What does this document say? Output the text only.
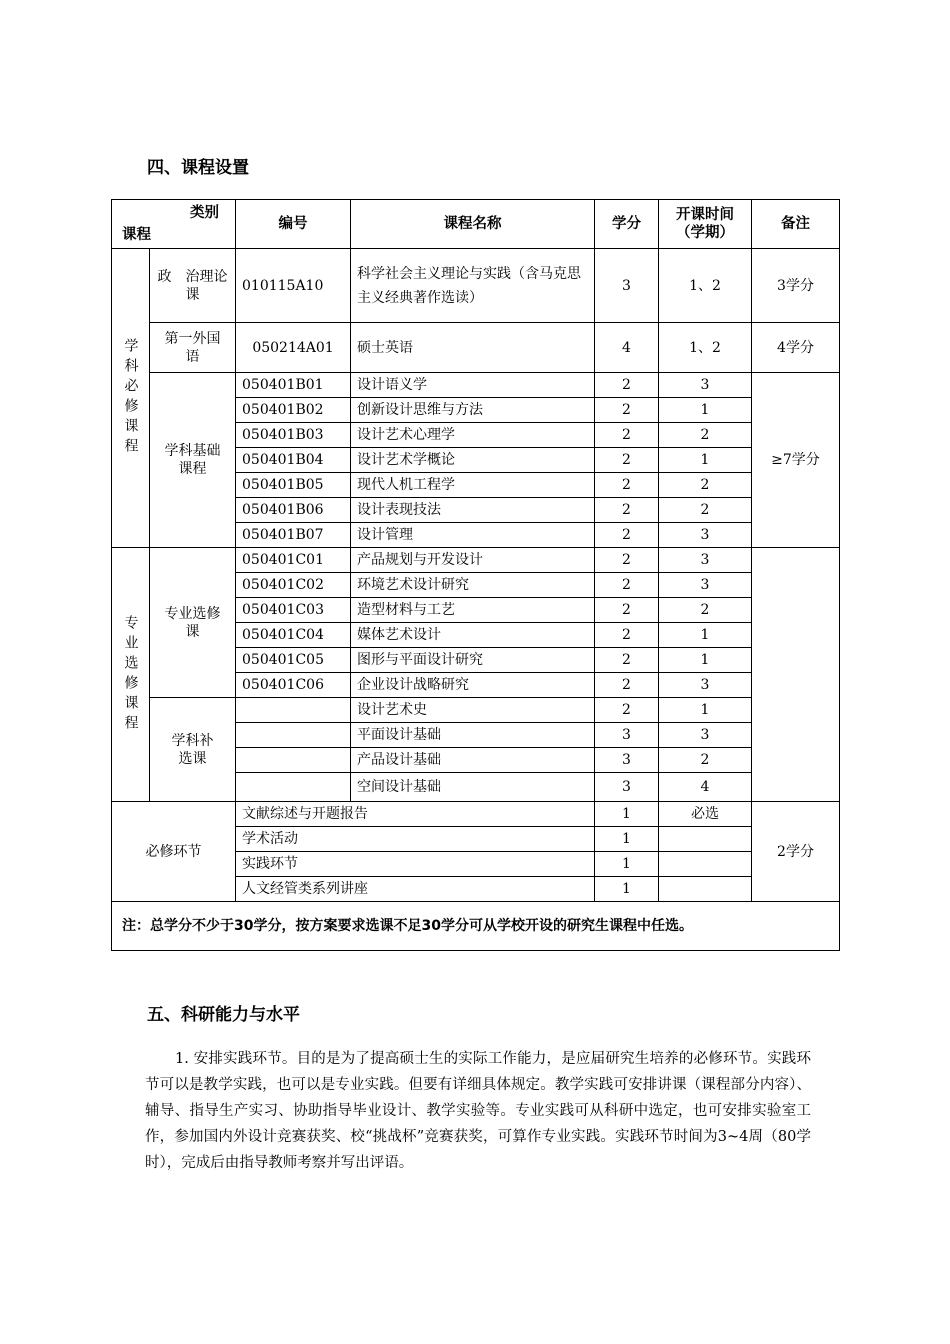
四、课程设置
类别
课程		编号	课程名称	学分	开课时间（学期）	备注

学科必修课程	政　治理论课	010115A10	科学社会主义理论与实践（含马克思主义经典著作选读）	3	1、2	3学分
	第一外国　语	050214A01	硕士英语	4	1、2	4学分
	学科基础课程	050401B01	设计语义学	2	3	≥7学分
		050401B02	创新设计思维与方法	2	1	
		050401B03	设计艺术心理学	2	2	
		050401B04	设计艺术学概论	2	1	
		050401B05	现代人机工程学	2	2	
		050401B06	设计表现技法	2	2	
		050401B07	设计管理	2	3	

专业选修课程	专业选修课	050401C01	产品规划与开发设计	2	3	
		050401C02	环境艺术设计研究	2	3	
		050401C03	造型材料与工艺	2	2	
		050401C04	媒体艺术设计	2	1	
		050401C05	图形与平面设计研究	2	1	
		050401C06	企业设计战略研究	2	3	
	学科补选课		设计艺术史	2	1	
			平面设计基础	3	3	
			产品设计基础	3	2	
			空间设计基础	3	4	
必修环节		文献综述与开题报告		1	必选	2学分
		学术活动		1		
		实践环节		1		
		人文经管类系列讲座		1		
注：总学分不少于30学分，按方案要求选课不足30学分可从学校开设的研究生课程中任选。						
五、科研能力与水平
1. 安排实践环节。目的是为了提高硕士生的实际工作能力，是应届研究生培养的必修环节。实践环节可以是教学实践，也可以是专业实践。但要有详细具体规定。教学实践可安排讲课（课程部分内容）、辅导、指导生产实习、协助指导毕业设计、教学实验等。专业实践可从科研中选定，也可安排实验室工作，参加国内外设计竞赛获奖、校“挑战杯”竞赛获奖，可算作专业实践。实践环节时间为3~4周（80学时），完成后由指导教师考察并写出评语。
